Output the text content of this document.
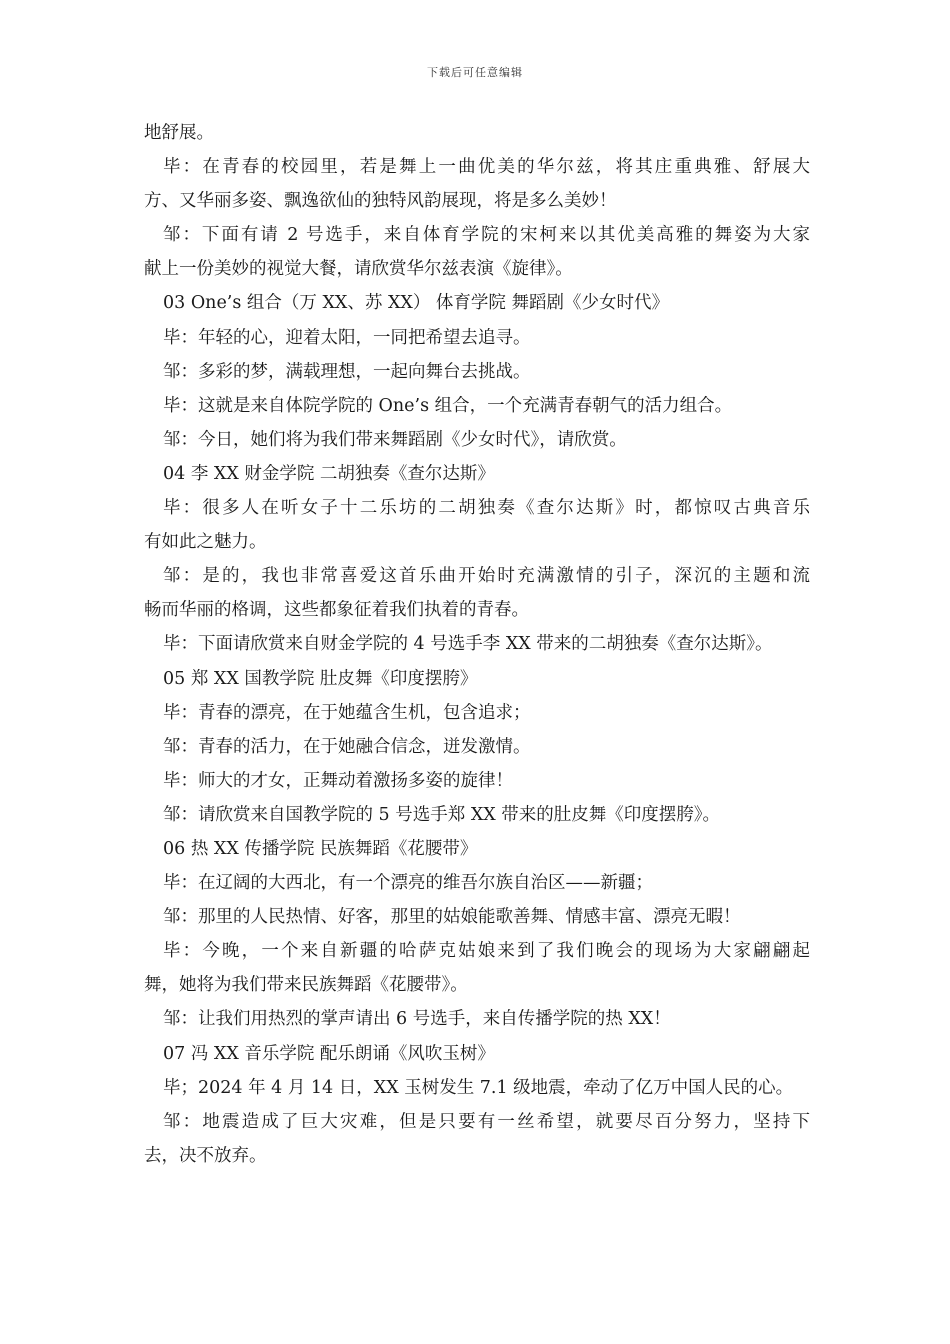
下载后可任意编辑
地舒展。
毕：在青春的校园里，若是舞上一曲优美的华尔兹，将其庄重典雅、舒展大
方、又华丽多姿、飘逸欲仙的独特风韵展现，将是多么美妙！
邹：下面有请 2 号选手，来自体育学院的宋柯来以其优美高雅的舞姿为大家
献上一份美妙的视觉大餐，请欣赏华尔兹表演《旋律》。
03 One’s 组合（万 XX、苏 XX） 体育学院 舞蹈剧《少女时代》
毕：年轻的心，迎着太阳，一同把希望去追寻。
邹：多彩的梦，满载理想，一起向舞台去挑战。
毕：这就是来自体院学院的 One’s 组合，一个充满青春朝气的活力组合。
邹：今日，她们将为我们带来舞蹈剧《少女时代》，请欣赏。
04 李 XX 财金学院 二胡独奏《查尔达斯》
毕：很多人在听女子十二乐坊的二胡独奏《查尔达斯》时，都惊叹古典音乐
有如此之魅力。
邹：是的，我也非常喜爱这首乐曲开始时充满激情的引子，深沉的主题和流
畅而华丽的格调，这些都象征着我们执着的青春。
毕：下面请欣赏来自财金学院的 4 号选手李 XX 带来的二胡独奏《查尔达斯》。
05 郑 XX 国教学院 肚皮舞《印度摆胯》
毕：青春的漂亮，在于她蕴含生机，包含追求；
邹：青春的活力，在于她融合信念，迸发激情。
毕：师大的才女，正舞动着激扬多姿的旋律！
邹：请欣赏来自国教学院的 5 号选手郑 XX 带来的肚皮舞《印度摆胯》。
06 热 XX 传播学院 民族舞蹈《花腰带》
毕：在辽阔的大西北，有一个漂亮的维吾尔族自治区——新疆；
邹：那里的人民热情、好客，那里的姑娘能歌善舞、情感丰富、漂亮无暇！
毕：今晚，一个来自新疆的哈萨克姑娘来到了我们晚会的现场为大家翩翩起
舞，她将为我们带来民族舞蹈《花腰带》。
邹：让我们用热烈的掌声请出 6 号选手，来自传播学院的热 XX！
07 冯 XX 音乐学院 配乐朗诵《风吹玉树》
毕；2024 年 4 月 14 日，XX 玉树发生 7.1 级地震，牵动了亿万中国人民的心。
邹：地震造成了巨大灾难，但是只要有一丝希望，就要尽百分努力，坚持下
去，决不放弃。
